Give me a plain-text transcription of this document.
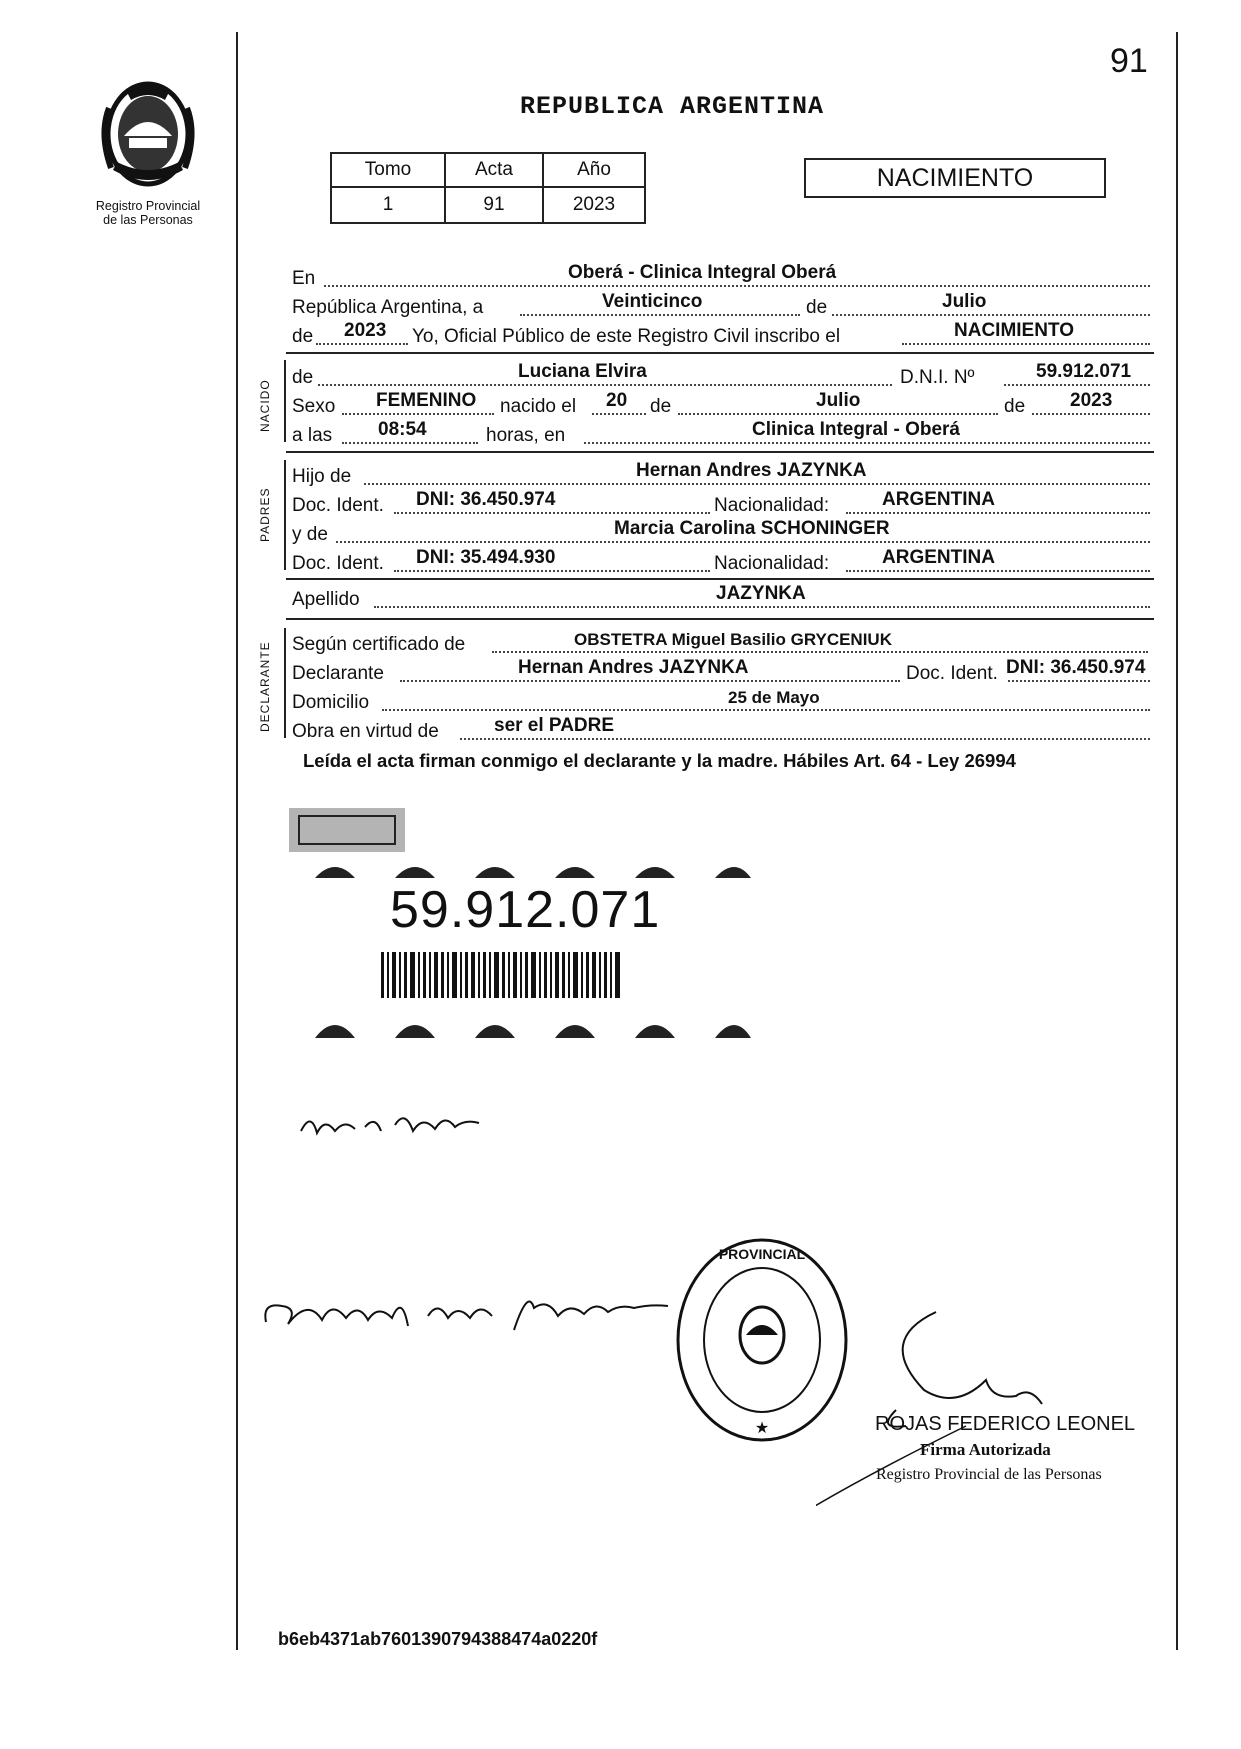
91
REPUBLICA ARGENTINA
Registro Provincial
de las Personas
Tomo	Acta	Año
1	91	2023
NACIMIENTO
En	Oberá - Clinica Integral Oberá
República Argentina, a	Veinticinco	de	Julio
de 2023 Yo, Oficial Público de este Registro Civil inscribo el	NACIMIENTO
NACIDO
de	Luciana Elvira	D.N.I. Nº	59.912.071
Sexo FEMENINO nacido el 20 de	Julio	de 2023
a las 08:54	horas, en	Clinica Integral - Oberá
PADRES
Hijo de	Hernan Andres JAZYNKA
Doc. Ident. DNI: 36.450.974	Nacionalidad:	ARGENTINA
y de	Marcia Carolina SCHONINGER
Doc. Ident. DNI: 35.494.930	Nacionalidad:	ARGENTINA
Apellido	JAZYNKA
DECLARANTE Según certificado de	OBSTETRA Miguel Basilio GRYCENIUK
Declarante	Hernan Andres JAZYNKA	Doc. Ident. DNI: 36.450.974
Domicilio	25 de Mayo
Obra en virtud de	ser el PADRE
Leída el acta firman conmigo el declarante y la madre. Hábiles Art. 64 - Ley 26994
59.912.071
PROVINCIAL
★	ROJAS FEDERICO LEONEL
Firma Autorizada
Registro Provincial de las Personas
b6eb4371ab7601390794388474a0220f
